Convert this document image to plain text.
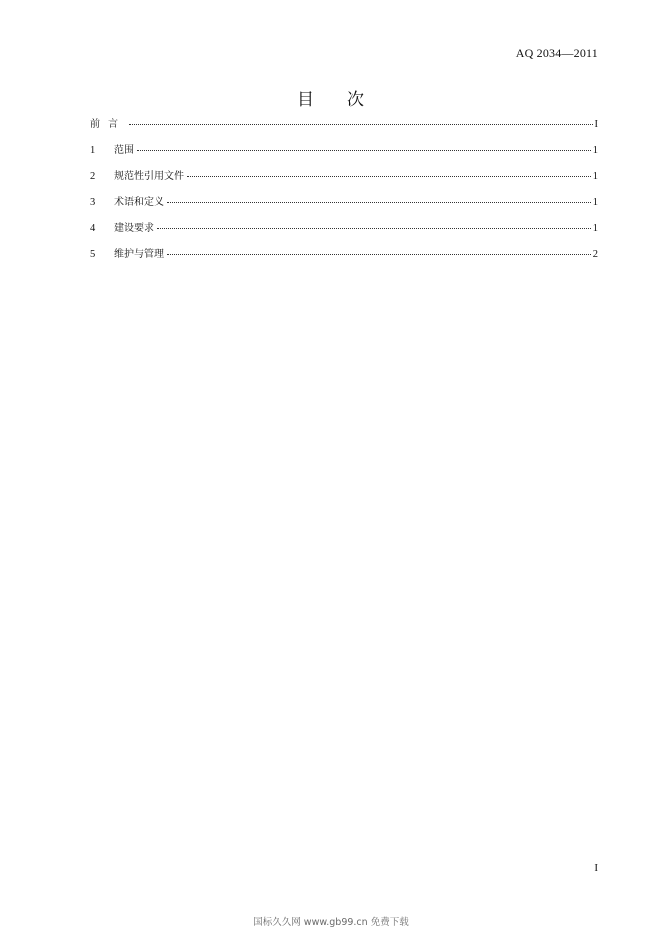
AQ 2034—2011
目 次
前言	I
1	范围	1
2	规范性引用文件	1
3	术语和定义	1
4	建设要求	1
5	维护与管理	2
I
国标久久网 www.gb99.cn 免费下载
